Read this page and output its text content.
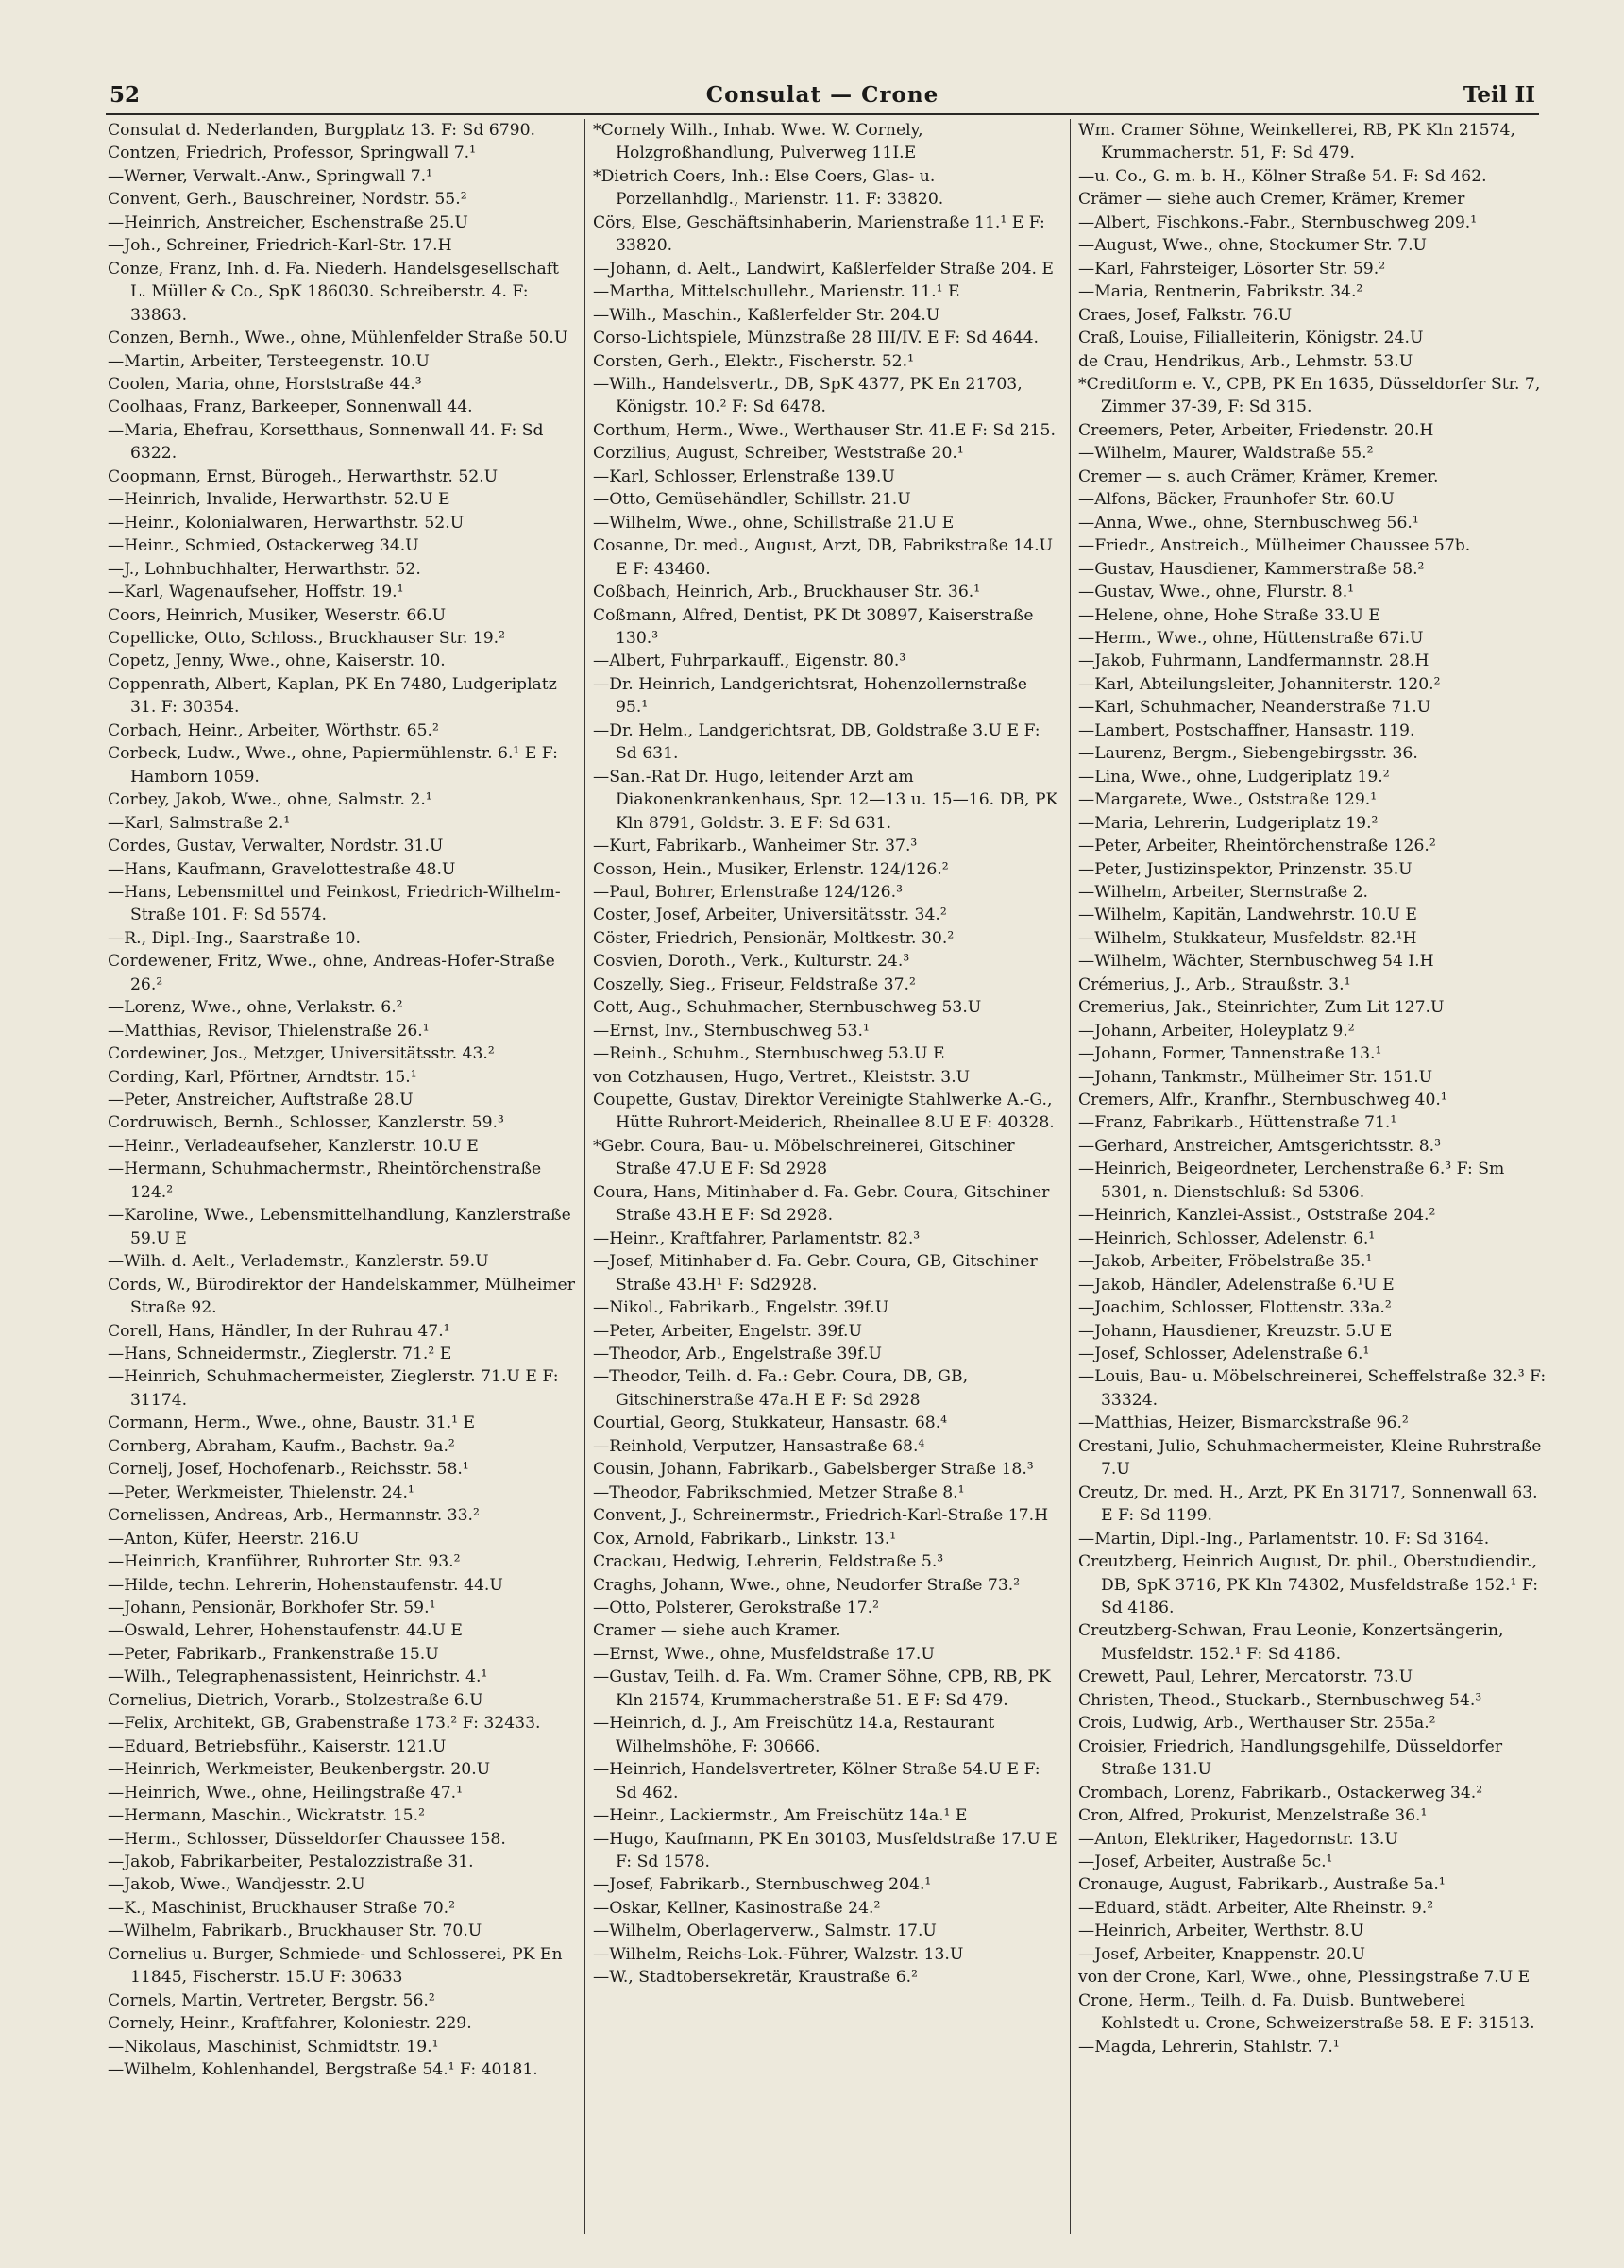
52	Consulat — Crone	Teil II
Consulat d. Nederlanden, Burgplatz 13. F: Sd 6790.
Contzen, Friedrich, Professor, Springwall 7.¹
—Werner, Verwalt.-Anw., Springwall 7.¹
Convent, Gerh., Bauschreiner, Nordstr. 55.²
—Heinrich, Anstreicher, Eschenstraße 25.U
—Joh., Schreiner, Friedrich-Karl-Str. 17.H
Conze, Franz, Inh. d. Fa. Niederh. Handelsgesellschaft L. Müller & Co., SpK 186030. Schreiberstr. 4. F: 33863.
Conzen, Bernh., Wwe., ohne, Mühlenfelder Straße 50.U
—Martin, Arbeiter, Tersteegenstr. 10.U
Coolen, Maria, ohne, Horststraße 44.³
Coolhaas, Franz, Barkeeper, Sonnenwall 44.
—Maria, Ehefrau, Korsetthaus, Sonnenwall 44. F: Sd 6322.
Coopmann, Ernst, Bürogeh., Herwarthstr. 52.U
—Heinrich, Invalide, Herwarthstr. 52.U E
—Heinr., Kolonialwaren, Herwarthstr. 52.U
—Heinr., Schmied, Ostackerweg 34.U
—J., Lohnbuchhalter, Herwarthstr. 52.
—Karl, Wagenaufseher, Hoffstr. 19.¹
Coors, Heinrich, Musiker, Weserstr. 66.U
Copellicke, Otto, Schloss., Bruckhauser Str. 19.²
Copetz, Jenny, Wwe., ohne, Kaiserstr. 10.
Coppenrath, Albert, Kaplan, PK En 7480, Ludgeriplatz 31. F: 30354.
Corbach, Heinr., Arbeiter, Wörthstr. 65.²
Corbeck, Ludw., Wwe., ohne, Papiermühlenstr. 6.¹ E F: Hamborn 1059.
Corbey, Jakob, Wwe., ohne, Salmstr. 2.¹
—Karl, Salmstraße 2.¹
Cordes, Gustav, Verwalter, Nordstr. 31.U
—Hans, Kaufmann, Gravelottestraße 48.U
—Hans, Lebensmittel und Feinkost, Friedrich-Wilhelm-Straße 101. F: Sd 5574.
—R., Dipl.-Ing., Saarstraße 10.
Cordewener, Fritz, Wwe., ohne, Andreas-Hofer-Straße 26.²
—Lorenz, Wwe., ohne, Verlakstr. 6.²
—Matthias, Revisor, Thielenstraße 26.¹
Cordewiner, Jos., Metzger, Universitätsstr. 43.²
Cording, Karl, Pförtner, Arndtstr. 15.¹
—Peter, Anstreicher, Auftstraße 28.U
Cordruwisch, Bernh., Schlosser, Kanzlerstr. 59.³
—Heinr., Verladeaufseher, Kanzlerstr. 10.U E
—Hermann, Schuhmachermstr., Rheintörchenstraße 124.²
—Karoline, Wwe., Lebensmittelhandlung, Kanzlerstraße 59.U E
—Wilh. d. Aelt., Verlademstr., Kanzlerstr. 59.U
Cords, W., Bürodirektor der Handelskammer, Mülheimer Straße 92.
Corell, Hans, Händler, In der Ruhrau 47.¹
—Hans, Schneidermstr., Zieglerstr. 71.² E
—Heinrich, Schuhmachermeister, Zieglerstr. 71.U E F: 31174.
Cormann, Herm., Wwe., ohne, Baustr. 31.¹ E
Cornberg, Abraham, Kaufm., Bachstr. 9a.²
Cornelj, Josef, Hochofenarb., Reichsstr. 58.¹
—Peter, Werkmeister, Thielenstr. 24.¹
Cornelissen, Andreas, Arb., Hermannstr. 33.²
—Anton, Küfer, Heerstr. 216.U
—Heinrich, Kranführer, Ruhrorter Str. 93.²
—Hilde, techn. Lehrerin, Hohenstaufenstr. 44.U
—Johann, Pensionär, Borkhofer Str. 59.¹
—Oswald, Lehrer, Hohenstaufenstr. 44.U E
—Peter, Fabrikarb., Frankenstraße 15.U
—Wilh., Telegraphenassistent, Heinrichstr. 4.¹
Cornelius, Dietrich, Vorarb., Stolzestraße 6.U
—Felix, Architekt, GB, Grabenstraße 173.² F: 32433.
—Eduard, Betriebsführ., Kaiserstr. 121.U
—Heinrich, Werkmeister, Beukenbergstr. 20.U
—Heinrich, Wwe., ohne, Heilingstraße 47.¹
—Hermann, Maschin., Wickratstr. 15.²
—Herm., Schlosser, Düsseldorfer Chaussee 158.
—Jakob, Fabrikarbeiter, Pestalozzistraße 31.
—Jakob, Wwe., Wandjesstr. 2.U
—K., Maschinist, Bruckhauser Straße 70.²
—Wilhelm, Fabrikarb., Bruckhauser Str. 70.U
Cornelius u. Burger, Schmiede- und Schlosserei, PK En 11845, Fischerstr. 15.U F: 30633
Cornels, Martin, Vertreter, Bergstr. 56.²
Cornely, Heinr., Kraftfahrer, Koloniestr. 229.
—Nikolaus, Maschinist, Schmidtstr. 19.¹
—Wilhelm, Kohlenhandel, Bergstraße 54.¹ F: 40181.
*Cornely Wilh., Inhab. Wwe. W. Cornely, Holzgroßhandlung, Pulverweg 11I.E
*Dietrich Coers, Inh.: Else Coers, Glas- u. Porzellanhdlg., Marienstr. 11. F: 33820.
Cörs, Else, Geschäftsinhaberin, Marienstraße 11.¹ E F: 33820.
—Johann, d. Aelt., Landwirt, Kaßlerfelder Straße 204. E
—Martha, Mittelschullehr., Marienstr. 11.¹ E
—Wilh., Maschin., Kaßlerfelder Str. 204.U
Corso-Lichtspiele, Münzstraße 28 III/IV. E F: Sd 4644.
Corsten, Gerh., Elektr., Fischerstr. 52.¹
—Wilh., Handelsvertr., DB, SpK 4377, PK En 21703, Königstr. 10.² F: Sd 6478.
Corthum, Herm., Wwe., Werthauser Str. 41.E F: Sd 215.
Corzilius, August, Schreiber, Weststraße 20.¹
—Karl, Schlosser, Erlenstraße 139.U
—Otto, Gemüsehändler, Schillstr. 21.U
—Wilhelm, Wwe., ohne, Schillstraße 21.U E
Cosanne, Dr. med., August, Arzt, DB, Fabrikstraße 14.U E F: 43460.
Coßbach, Heinrich, Arb., Bruckhauser Str. 36.¹
Coßmann, Alfred, Dentist, PK Dt 30897, Kaiserstraße 130.³
—Albert, Fuhrparkauff., Eigenstr. 80.³
—Dr. Heinrich, Landgerichtsrat, Hohenzollernstraße 95.¹
—Dr. Helm., Landgerichtsrat, DB, Goldstraße 3.U E F: Sd 631.
—San.-Rat Dr. Hugo, leitender Arzt am Diakonenkrankenhaus, Spr. 12—13 u. 15—16. DB, PK Kln 8791, Goldstr. 3. E F: Sd 631.
—Kurt, Fabrikarb., Wanheimer Str. 37.³
Cosson, Hein., Musiker, Erlenstr. 124/126.²
—Paul, Bohrer, Erlenstraße 124/126.³
Coster, Josef, Arbeiter, Universitätsstr. 34.²
Cöster, Friedrich, Pensionär, Moltkestr. 30.²
Cosvien, Doroth., Verk., Kulturstr. 24.³
Coszelly, Sieg., Friseur, Feldstraße 37.²
Cott, Aug., Schuhmacher, Sternbuschweg 53.U
—Ernst, Inv., Sternbuschweg 53.¹
—Reinh., Schuhm., Sternbuschweg 53.U E
von Cotzhausen, Hugo, Vertret., Kleiststr. 3.U
Coupette, Gustav, Direktor Vereinigte Stahlwerke A.-G., Hütte Ruhrort-Meiderich, Rheinallee 8.U E F: 40328.
*Gebr. Coura, Bau- u. Möbelschreinerei, Gitschiner Straße 47.U E F: Sd 2928
Coura, Hans, Mitinhaber d. Fa. Gebr. Coura, Gitschiner Straße 43.H E F: Sd 2928.
—Heinr., Kraftfahrer, Parlamentstr. 82.³
—Josef, Mitinhaber d. Fa. Gebr. Coura, GB, Gitschiner Straße 43.H¹ F: Sd2928.
—Nikol., Fabrikarb., Engelstr. 39f.U
—Peter, Arbeiter, Engelstr. 39f.U
—Theodor, Arb., Engelstraße 39f.U
—Theodor, Teilh. d. Fa.: Gebr. Coura, DB, GB, Gitschinerstraße 47a.H E F: Sd 2928
Courtial, Georg, Stukkateur, Hansastr. 68.⁴
—Reinhold, Verputzer, Hansastraße 68.⁴
Cousin, Johann, Fabrikarb., Gabelsberger Straße 18.³
—Theodor, Fabrikschmied, Metzer Straße 8.¹
Convent, J., Schreinermstr., Friedrich-Karl-Straße 17.H
Cox, Arnold, Fabrikarb., Linkstr. 13.¹
Crackau, Hedwig, Lehrerin, Feldstraße 5.³
Craghs, Johann, Wwe., ohne, Neudorfer Straße 73.²
—Otto, Polsterer, Gerokstraße 17.²
Cramer — siehe auch Kramer.
—Ernst, Wwe., ohne, Musfeldstraße 17.U
—Gustav, Teilh. d. Fa. Wm. Cramer Söhne, CPB, RB, PK Kln 21574, Krummacherstraße 51. E F: Sd 479.
—Heinrich, d. J., Am Freischütz 14.a, Restaurant Wilhelmshöhe, F: 30666.
—Heinrich, Handelsvertreter, Kölner Straße 54.U E F: Sd 462.
—Heinr., Lackiermstr., Am Freischütz 14a.¹ E
—Hugo, Kaufmann, PK En 30103, Musfeldstraße 17.U E F: Sd 1578.
—Josef, Fabrikarb., Sternbuschweg 204.¹
—Oskar, Kellner, Kasinostraße 24.²
—Wilhelm, Oberlagerverw., Salmstr. 17.U
—Wilhelm, Reichs-Lok.-Führer, Walzstr. 13.U
—W., Stadtobersekretär, Kraustraße 6.²
Wm. Cramer Söhne, Weinkellerei, RB, PK Kln 21574, Krummacherstr. 51, F: Sd 479.
—u. Co., G. m. b. H., Kölner Straße 54. F: Sd 462.
Crämer — siehe auch Cremer, Krämer, Kremer
—Albert, Fischkons.-Fabr., Sternbuschweg 209.¹
—August, Wwe., ohne, Stockumer Str. 7.U
—Karl, Fahrsteiger, Lösorter Str. 59.²
—Maria, Rentnerin, Fabrikstr. 34.²
Craes, Josef, Falkstr. 76.U
Craß, Louise, Filialleiterin, Königstr. 24.U
de Crau, Hendrikus, Arb., Lehmstr. 53.U
*Creditform e. V., CPB, PK En 1635, Düsseldorfer Str. 7, Zimmer 37-39, F: Sd 315.
Creemers, Peter, Arbeiter, Friedenstr. 20.H
—Wilhelm, Maurer, Waldstraße 55.²
Cremer — s. auch Crämer, Krämer, Kremer.
—Alfons, Bäcker, Fraunhofer Str. 60.U
—Anna, Wwe., ohne, Sternbuschweg 56.¹
—Friedr., Anstreich., Mülheimer Chaussee 57b.
—Gustav, Hausdiener, Kammerstraße 58.²
—Gustav, Wwe., ohne, Flurstr. 8.¹
—Helene, ohne, Hohe Straße 33.U E
—Herm., Wwe., ohne, Hüttenstraße 67i.U
—Jakob, Fuhrmann, Landfermannstr. 28.H
—Karl, Abteilungsleiter, Johanniterstr. 120.²
—Karl, Schuhmacher, Neanderstraße 71.U
—Lambert, Postschaffner, Hansastr. 119.
—Laurenz, Bergm., Siebengebirgsstr. 36.
—Lina, Wwe., ohne, Ludgeriplatz 19.²
—Margarete, Wwe., Oststraße 129.¹
—Maria, Lehrerin, Ludgeriplatz 19.²
—Peter, Arbeiter, Rheintörchenstraße 126.²
—Peter, Justizinspektor, Prinzenstr. 35.U
—Wilhelm, Arbeiter, Sternstraße 2.
—Wilhelm, Kapitän, Landwehrstr. 10.U E
—Wilhelm, Stukkateur, Musfeldstr. 82.¹H
—Wilhelm, Wächter, Sternbuschweg 54 I.H
Crémerius, J., Arb., Straußstr. 3.¹
Cremerius, Jak., Steinrichter, Zum Lit 127.U
—Johann, Arbeiter, Holeyplatz 9.²
—Johann, Former, Tannenstraße 13.¹
—Johann, Tankmstr., Mülheimer Str. 151.U
Cremers, Alfr., Kranfhr., Sternbuschweg 40.¹
—Franz, Fabrikarb., Hüttenstraße 71.¹
—Gerhard, Anstreicher, Amtsgerichtsstr. 8.³
—Heinrich, Beigeordneter, Lerchenstraße 6.³ F: Sm 5301, n. Dienstschluß: Sd 5306.
—Heinrich, Kanzlei-Assist., Oststraße 204.²
—Heinrich, Schlosser, Adelenstr. 6.¹
—Jakob, Arbeiter, Fröbelstraße 35.¹
—Jakob, Händler, Adelenstraße 6.¹U E
—Joachim, Schlosser, Flottenstr. 33a.²
—Johann, Hausdiener, Kreuzstr. 5.U E
—Josef, Schlosser, Adelenstraße 6.¹
—Louis, Bau- u. Möbelschreinerei, Scheffelstraße 32.³ F: 33324.
—Matthias, Heizer, Bismarckstraße 96.²
Crestani, Julio, Schuhmachermeister, Kleine Ruhrstraße 7.U
Creutz, Dr. med. H., Arzt, PK En 31717, Sonnenwall 63. E F: Sd 1199.
—Martin, Dipl.-Ing., Parlamentstr. 10. F: Sd 3164.
Creutzberg, Heinrich August, Dr. phil., Oberstudiendir., DB, SpK 3716, PK Kln 74302, Musfeldstraße 152.¹ F: Sd 4186.
Creutzberg-Schwan, Frau Leonie, Konzertsängerin, Musfeldstr. 152.¹ F: Sd 4186.
Crewett, Paul, Lehrer, Mercatorstr. 73.U
Christen, Theod., Stuckarb., Sternbuschweg 54.³
Crois, Ludwig, Arb., Werthauser Str. 255a.²
Croisier, Friedrich, Handlungsgehilfe, Düsseldorfer Straße 131.U
Crombach, Lorenz, Fabrikarb., Ostackerweg 34.²
Cron, Alfred, Prokurist, Menzelstraße 36.¹
—Anton, Elektriker, Hagedornstr. 13.U
—Josef, Arbeiter, Austraße 5c.¹
Cronauge, August, Fabrikarb., Austraße 5a.¹
—Eduard, städt. Arbeiter, Alte Rheinstr. 9.²
—Heinrich, Arbeiter, Werthstr. 8.U
—Josef, Arbeiter, Knappenstr. 20.U
von der Crone, Karl, Wwe., ohne, Plessingstraße 7.U E
Crone, Herm., Teilh. d. Fa. Duisb. Buntweberei Kohlstedt u. Crone, Schweizerstraße 58. E F: 31513.
—Magda, Lehrerin, Stahlstr. 7.¹
